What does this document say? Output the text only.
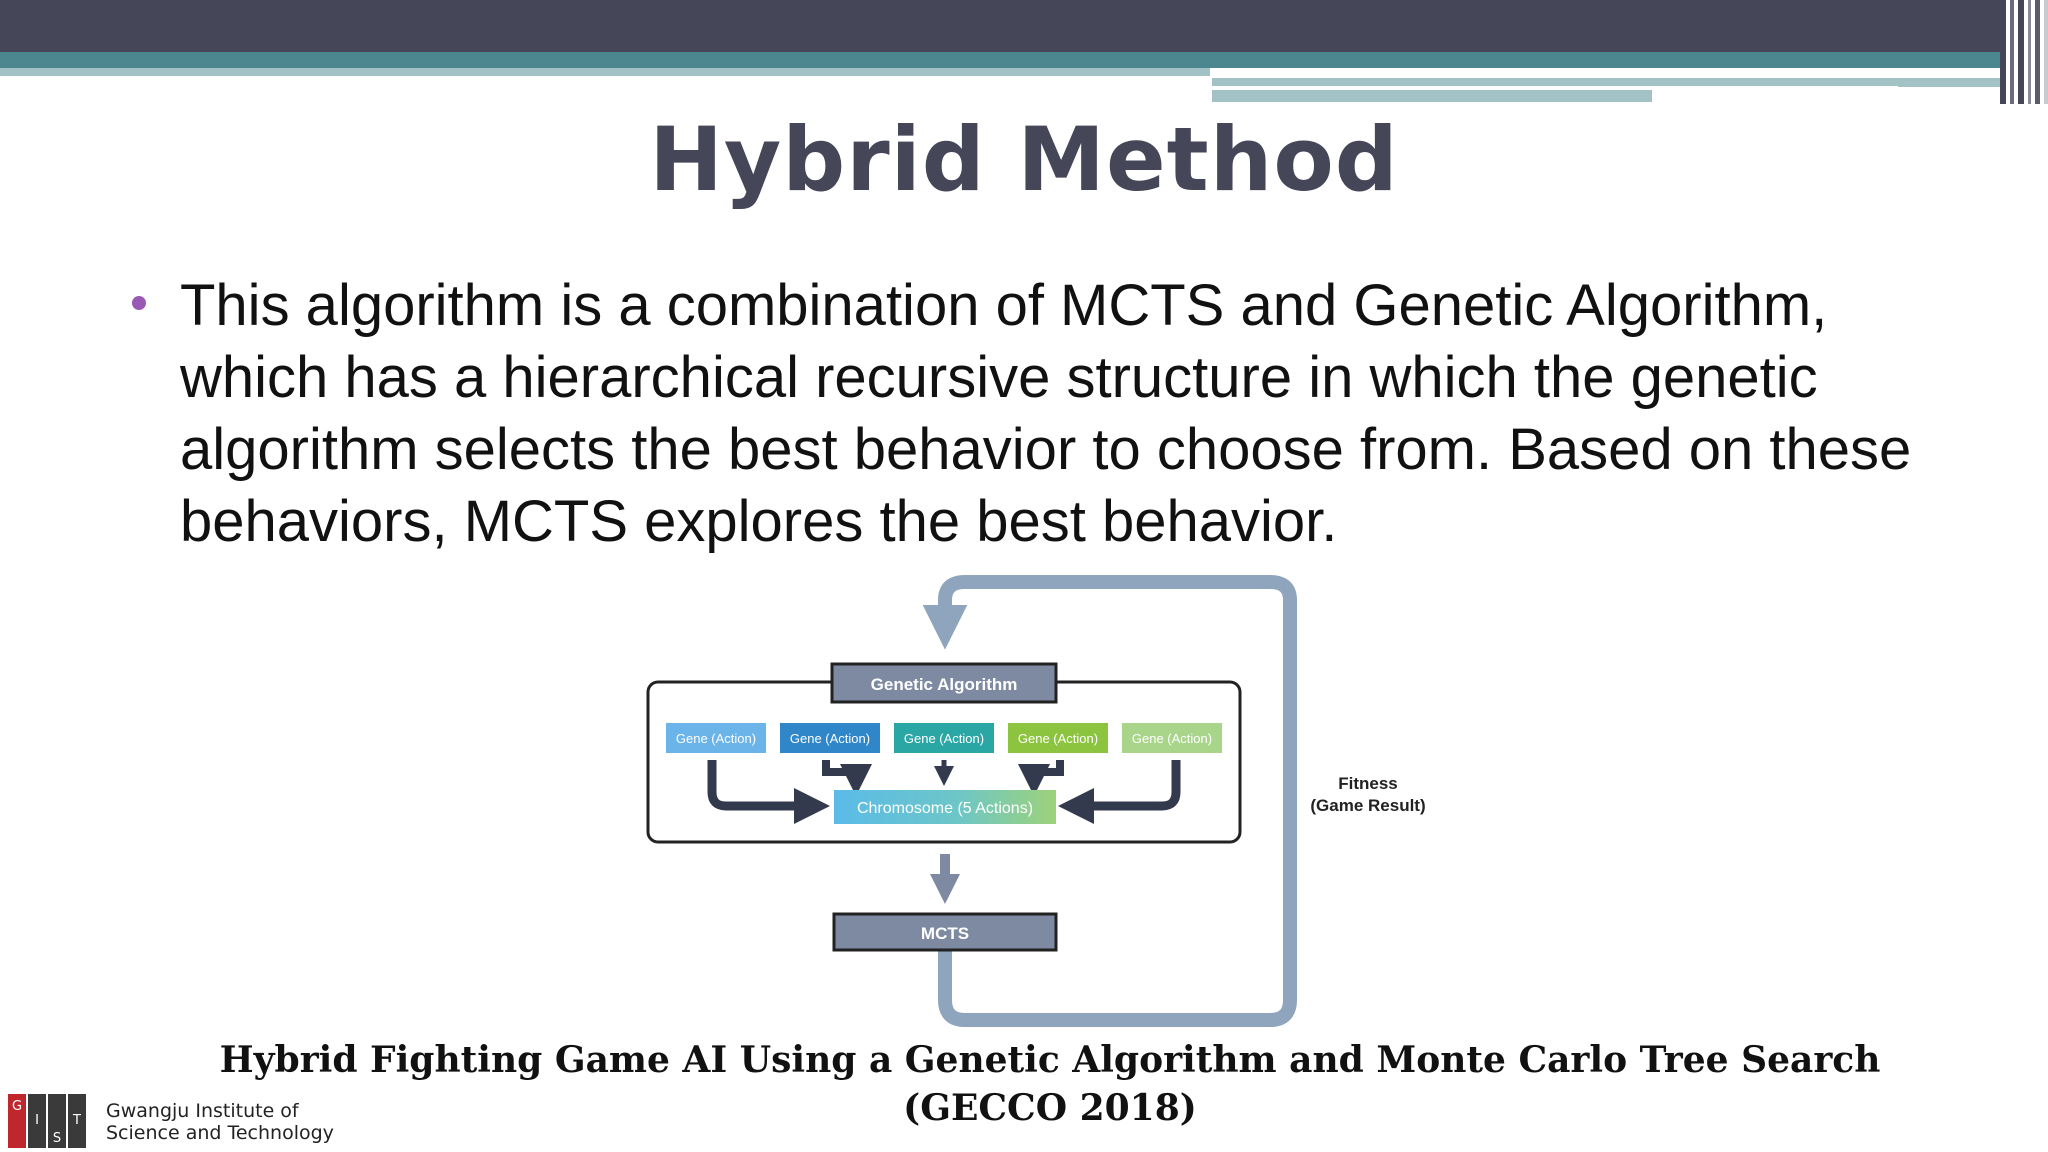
Hybrid Method
This algorithm is a combination of MCTS and Genetic Algorithm, which has a hierarchical recursive structure in which the genetic algorithm selects the best behavior to choose from. Based on these behaviors, MCTS explores the best behavior.
Genetic Algorithm
Gene (Action)	Gene (Action)	Gene (Action)	Gene (Action)	Gene (Action)
Chromosome (5 Actions)
MCTS
Fitness
(Game Result)
Hybrid Fighting Game AI Using a Genetic Algorithm and Monte Carlo Tree Search
(GECCO 2018)
G
I
S
T Gwangju Institute of
Science and Technology
